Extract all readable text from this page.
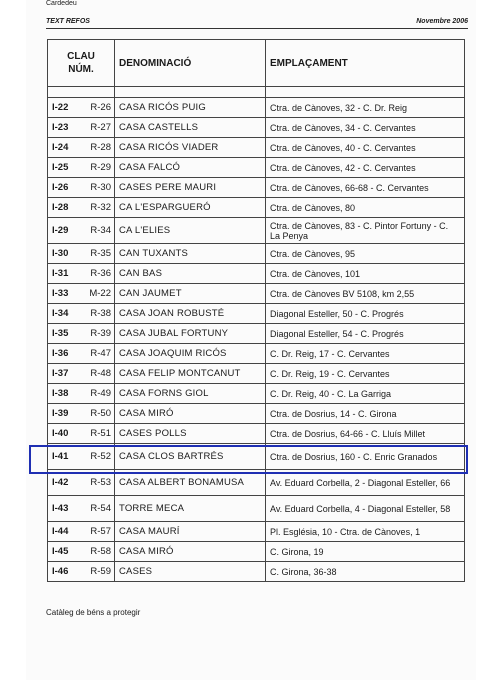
Cardedeu
TEXT REFOS	Novembre 2006
CLAU
NÚM.		DENOMINACIÓ	EMPLAÇAMENT

I-22	R-26	CASA RICÓS PUIG	Ctra. de Cànoves, 32 - C. Dr. Reig
I-23	R-27	CASA CASTELLS	Ctra. de Cànoves, 34 - C. Cervantes
I-24	R-28	CASA RICÓS VIADER	Ctra. de Cànoves, 40 - C. Cervantes
I-25	R-29	CASA FALCÓ	Ctra. de Cànoves, 42 - C. Cervantes
I-26	R-30	CASES PERE MAURI	Ctra. de Cànoves, 66-68 - C. Cervantes
I-28	R-32	CA L'ESPARGUERÓ	Ctra. de Cànoves, 80
I-29	R-34	CA L'ELIES	Ctra. de Cànoves, 83 - C. Pintor Fortuny - C. La Penya
I-30	R-35	CAN TUXANTS	Ctra. de Cànoves, 95
I-31	R-36	CAN BAS	Ctra. de Cànoves, 101
I-33	M-22	CAN JAUMET	Ctra. de Cànoves BV 5108, km 2,55
I-34	R-38	CASA JOAN ROBUSTÉ	Diagonal Esteller, 50 - C. Progrés
I-35	R-39	CASA JUBAL FORTUNY	Diagonal Esteller, 54 - C. Progrés
I-36	R-47	CASA JOAQUIM RICÓS	C. Dr. Reig, 17 - C. Cervantes
I-37	R-48	CASA FELIP MONTCANUT	C. Dr. Reig, 19 - C. Cervantes
I-38	R-49	CASA FORNS GIOL	C. Dr. Reig, 40 - C. La Garriga
I-39	R-50	CASA MIRÓ	Ctra. de Dosrius, 14 - C. Girona
I-40	R-51	CASES POLLS	Ctra. de Dosrius, 64-66 - C. Lluís Millet
I-41	R-52	CASA CLOS BARTRÉS	Ctra. de Dosrius, 160 - C. Enric Granados
I-42	R-53	CASA ALBERT BONAMUSA	Av. Eduard Corbella, 2 - Diagonal Esteller, 66
I-43	R-54	TORRE MECA	Av. Eduard Corbella, 4 - Diagonal Esteller, 58
I-44	R-57	CASA MAURÍ	Pl. Església, 10 - Ctra. de Cànoves, 1
I-45	R-58	CASA MIRÓ	C. Girona, 19
I-46	R-59	CASES	C. Girona, 36-38
Catàleg de béns a protegir
